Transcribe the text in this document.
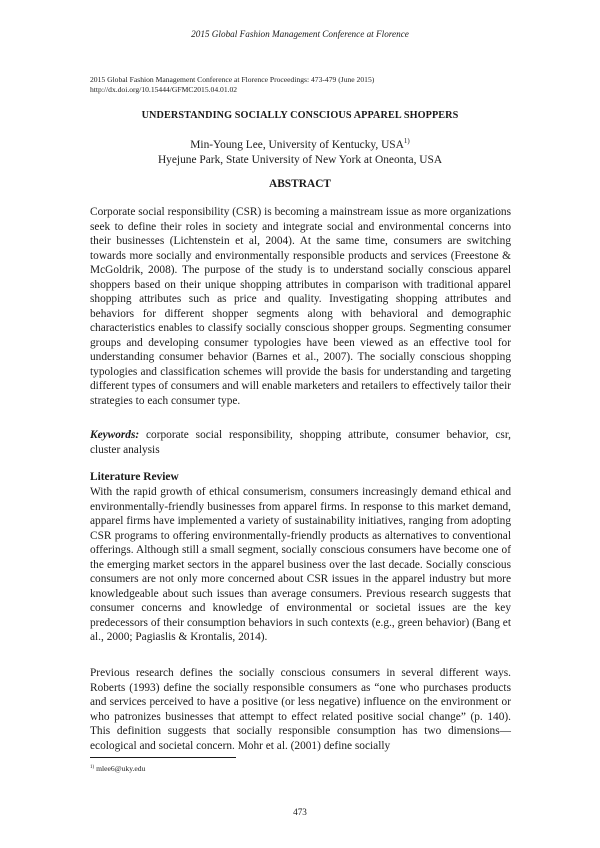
2015 Global Fashion Management Conference at Florence
2015 Global Fashion Management Conference at Florence Proceedings: 473-479 (June 2015)
http://dx.doi.org/10.15444/GFMC2015.04.01.02
UNDERSTANDING SOCIALLY CONSCIOUS APPAREL SHOPPERS
Min-Young Lee, University of Kentucky, USA$^{1)}$
Hyejune Park, State University of New York at Oneonta, USA
ABSTRACT

Corporate social responsibility (CSR) is becoming a mainstream issue as more organizations seek to define their roles in society and integrate social and environmental concerns into their businesses (Lichtenstein et al, 2004). At the same time, consumers are switching towards more socially and environmentally responsible products and services (Freestone & McGoldrik, 2008). The purpose of the study is to understand socially conscious apparel shoppers based on their unique shopping attributes in comparison with traditional apparel shopping attributes such as price and quality. Investigating shopping attributes and behaviors for different shopper segments along with behavioral and demographic characteristics enables to classify socially conscious shopper groups. Segmenting consumer groups and developing consumer typologies have been viewed as an effective tool for understanding consumer behavior (Barnes et al., 2007). The socially conscious shopping typologies and classification schemes will provide the basis for understanding and targeting different types of consumers and will enable marketers and retailers to effectively tailor their strategies to each consumer type.

Keywords: corporate social responsibility, shopping attribute, consumer behavior, csr, cluster analysis

Literature Review

With the rapid growth of ethical consumerism, consumers increasingly demand ethical and environmentally-friendly businesses from apparel firms. In response to this market demand, apparel firms have implemented a variety of sustainability initiatives, ranging from adopting CSR programs to offering environmentally-friendly products as alternatives to conventional offerings. Although still a small segment, socially conscious consumers have become one of the emerging market sectors in the apparel business over the last decade. Socially conscious consumers are not only more concerned about CSR issues in the apparel industry but more knowledgeable about such issues than average consumers. Previous research suggests that consumer concerns and knowledge of environmental or societal issues are the key predecessors of their consumption behaviors in such contexts (e.g., green behavior) (Bang et al., 2000; Pagiaslis & Krontalis, 2014).

Previous research defines the socially conscious consumers in several different ways. Roberts (1993) define the socially responsible consumers as “one who purchases products and services perceived to have a positive (or less negative) influence on the environment or who patronizes businesses that attempt to effect related positive social change” (p. 140). This definition suggests that socially responsible consumption has two dimensions—ecological and societal concern. Mohr et al. (2001) define socially

$^{1)}$ mlee6@uky.edu
473
